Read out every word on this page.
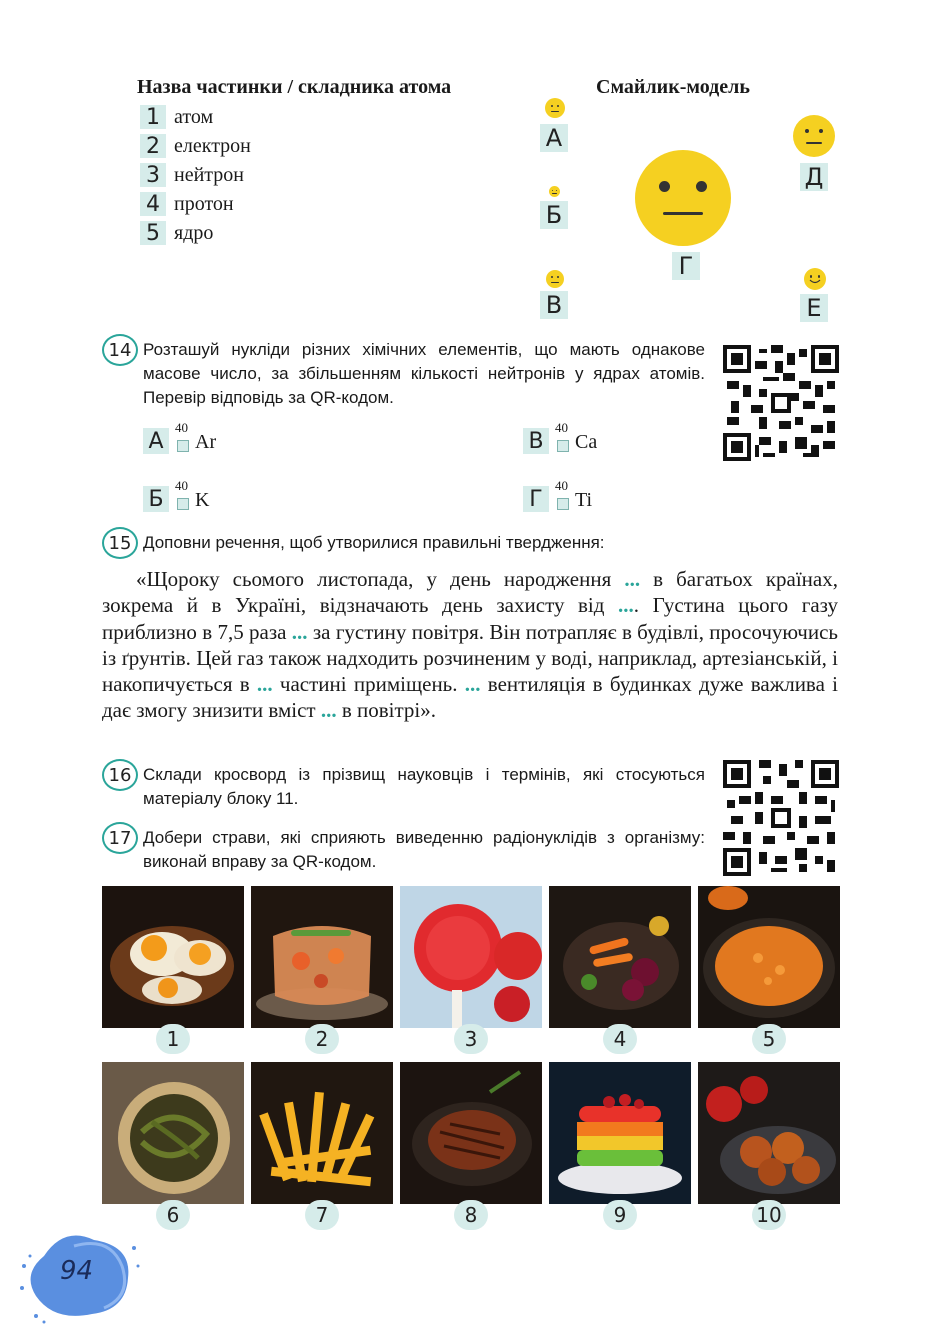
Назва частинки / складника атома	Смайлик-модель
1 атом
2 електрон
3 нейтрон
4 протон
5 ядро
А
Б
В
Г
Д
Е
14 Розташуй нукліди різних хімічних елементів, що мають однакове масове число, за збільшенням кількості нейтронів у ядрах атомів. Перевір відповідь за QR-кодом.
А
40
Ar	В
40
Ca
Б
40
K	Г
40
Ti
15 Доповни речення, щоб утворилися правильні твердження:
«Щороку сьомого листопада, у день народження ... в багатьох країнах, зокрема й в Україні, відзначають день захисту від .... Густина цього газу приблизно в 7,5 раза ... за густину повітря. Він потрапляє в будівлі, просочуючись із ґрунтів. Цей газ також надходить розчиненим у воді, наприклад, артезіанській, і накопичується в ... частині приміщень. ... вентиляція в будинках дуже важлива і дає змогу знизити вміст ... в повітрі».
16 Склади кросворд із прізвищ науковців і термінів, які стосуються матеріалу блоку 11.
17 Добери страви, які сприяють виведенню радіонуклідів з організму: виконай вправу за QR-кодом.
1	2	3	4	5
6	7	8	9	10
94
